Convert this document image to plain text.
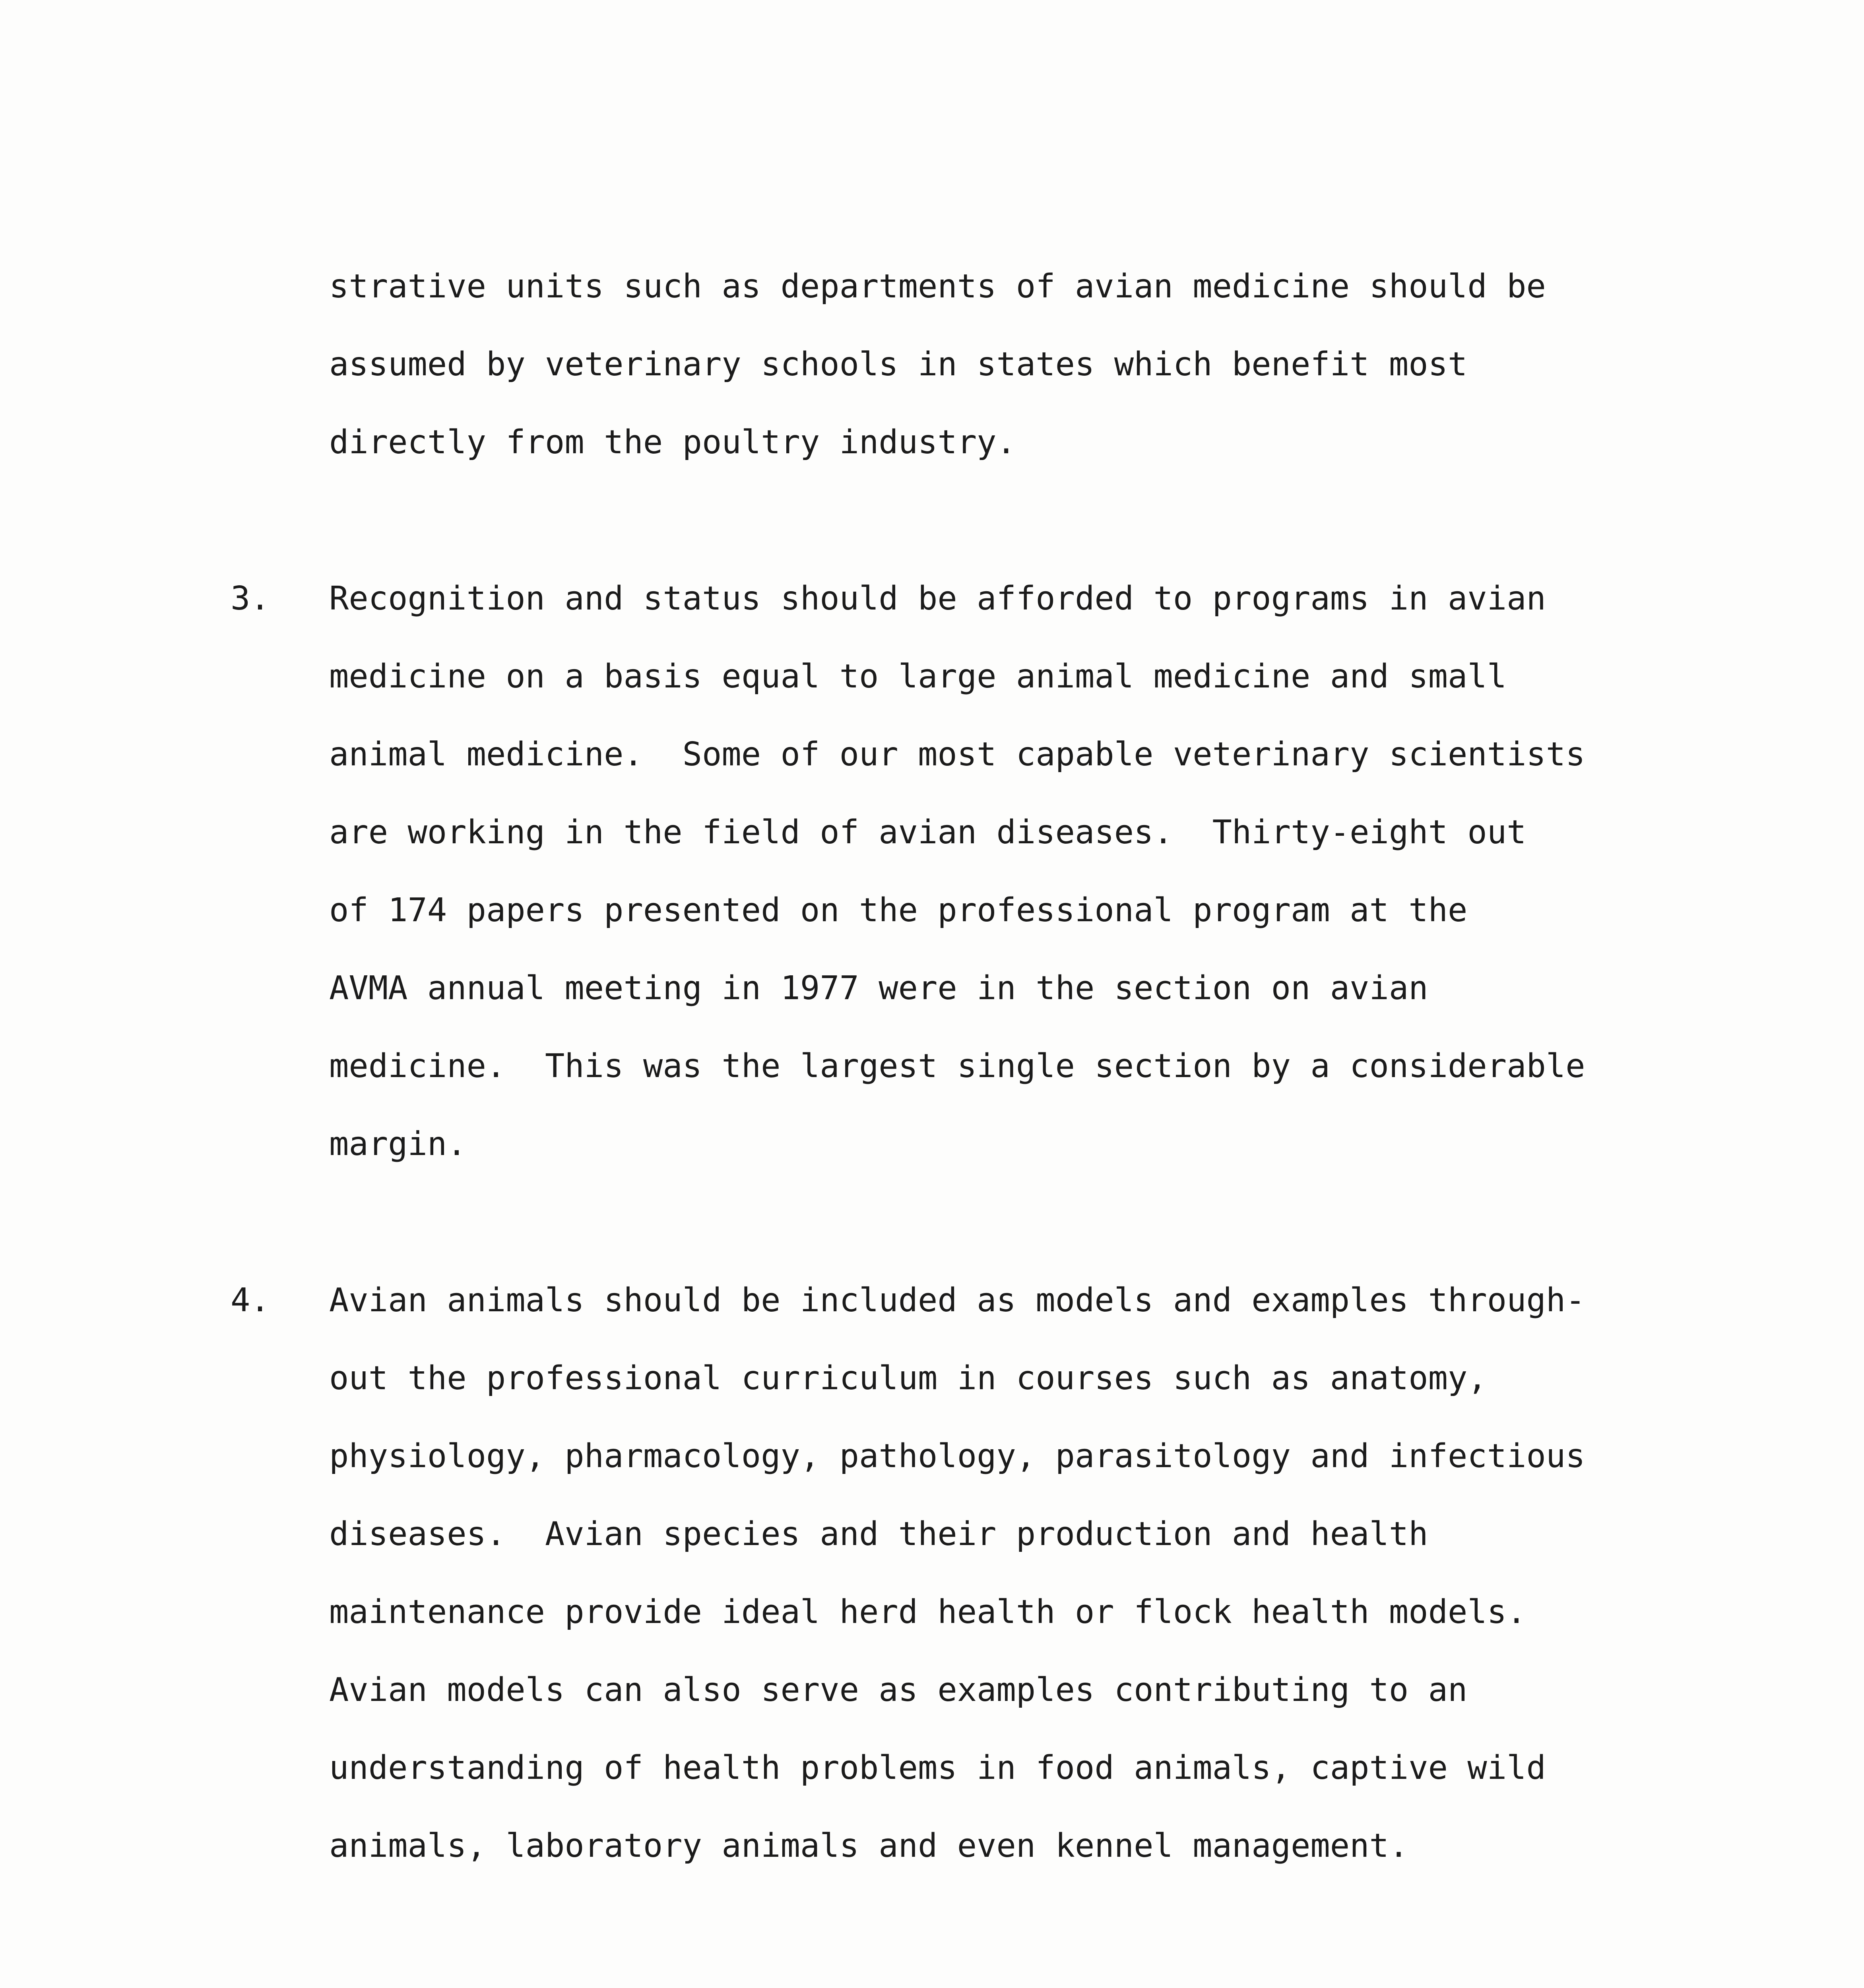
strative units such as departments of avian medicine should be
assumed by veterinary schools in states which benefit most
directly from the poultry industry.
3. Recognition and status should be afforded to programs in avian
medicine on a basis equal to large animal medicine and small
animal medicine.  Some of our most capable veterinary scientists
are working in the field of avian diseases.  Thirty-eight out
of 174 papers presented on the professional program at the
AVMA annual meeting in 1977 were in the section on avian
medicine.  This was the largest single section by a considerable
margin.
4. Avian animals should be included as models and examples through-
out the professional curriculum in courses such as anatomy,
physiology, pharmacology, pathology, parasitology and infectious
diseases.  Avian species and their production and health
maintenance provide ideal herd health or flock health models.
Avian models can also serve as examples contributing to an
understanding of health problems in food animals, captive wild
animals, laboratory animals and even kennel management.
